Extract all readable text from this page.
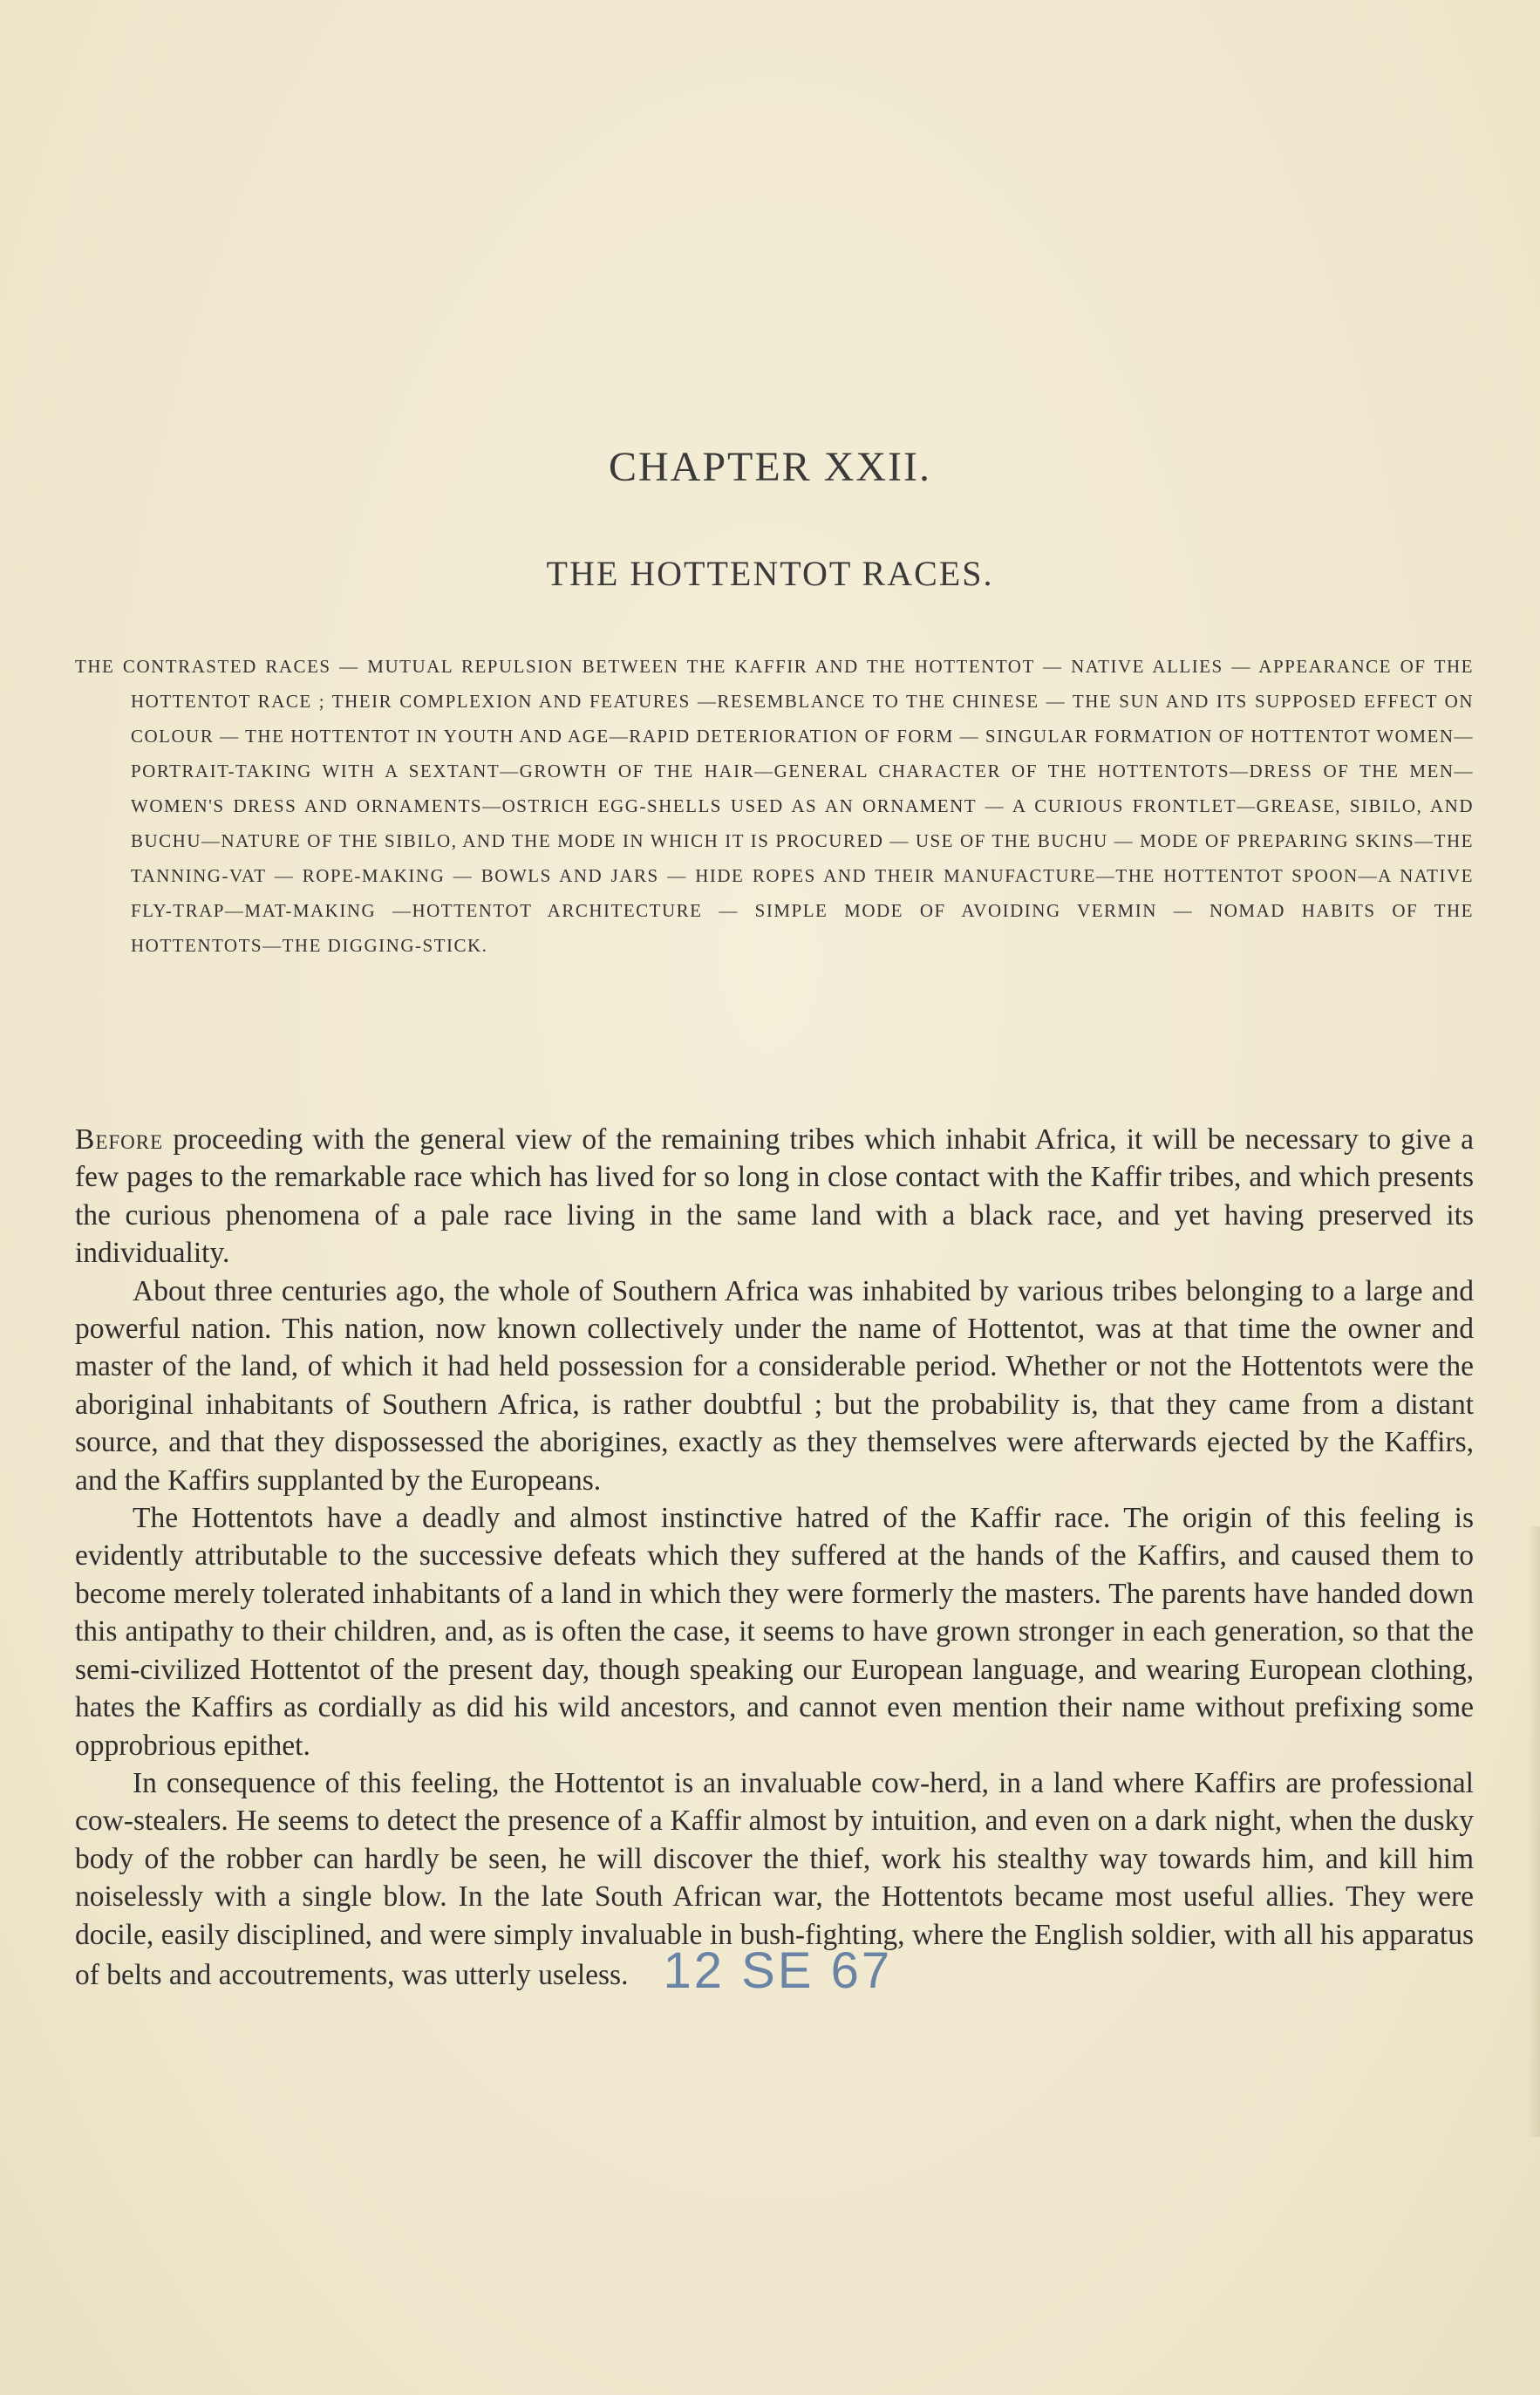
CHAPTER XXII.
THE HOTTENTOT RACES.
THE CONTRASTED RACES — MUTUAL REPULSION BETWEEN THE KAFFIR AND THE HOTTENTOT — NATIVE ALLIES — APPEARANCE OF THE HOTTENTOT RACE ; THEIR COMPLEXION AND FEATURES —RESEMBLANCE TO THE CHINESE — THE SUN AND ITS SUPPOSED EFFECT ON COLOUR — THE HOTTENTOT IN YOUTH AND AGE—RAPID DETERIORATION OF FORM — SINGULAR FORMATION OF HOTTENTOT WOMEN—PORTRAIT-TAKING WITH A SEXTANT—GROWTH OF THE HAIR—GENERAL CHARACTER OF THE HOTTENTOTS—DRESS OF THE MEN—WOMEN'S DRESS AND ORNAMENTS—OSTRICH EGG-SHELLS USED AS AN ORNAMENT — A CURIOUS FRONTLET—GREASE, SIBILO, AND BUCHU—NATURE OF THE SIBILO, AND THE MODE IN WHICH IT IS PROCURED — USE OF THE BUCHU — MODE OF PREPARING SKINS—THE TANNING-VAT — ROPE-MAKING — BOWLS AND JARS — HIDE ROPES AND THEIR MANUFACTURE—THE HOTTENTOT SPOON—A NATIVE FLY-TRAP—MAT-MAKING —HOTTENTOT ARCHITECTURE — SIMPLE MODE OF AVOIDING VERMIN — NOMAD HABITS OF THE HOTTENTOTS—THE DIGGING-STICK.

Before proceeding with the general view of the remaining tribes which inhabit Africa, it will be necessary to give a few pages to the remarkable race which has lived for so long in close contact with the Kaffir tribes, and which presents the curious phenomena of a pale race living in the same land with a black race, and yet having preserved its individuality.

About three centuries ago, the whole of Southern Africa was inhabited by various tribes belonging to a large and powerful nation. This nation, now known collectively under the name of Hottentot, was at that time the owner and master of the land, of which it had held possession for a considerable period. Whether or not the Hottentots were the aboriginal inhabitants of Southern Africa, is rather doubtful ; but the probability is, that they came from a distant source, and that they dispossessed the aborigines, exactly as they themselves were afterwards ejected by the Kaffirs, and the Kaffirs supplanted by the Europeans.

The Hottentots have a deadly and almost instinctive hatred of the Kaffir race. The origin of this feeling is evidently attributable to the successive defeats which they suffered at the hands of the Kaffirs, and caused them to become merely tolerated inhabitants of a land in which they were formerly the masters. The parents have handed down this antipathy to their children, and, as is often the case, it seems to have grown stronger in each generation, so that the semi-civilized Hottentot of the present day, though speaking our European language, and wearing European clothing, hates the Kaffirs as cordially as did his wild ancestors, and cannot even mention their name without prefixing some opprobrious epithet.

In consequence of this feeling, the Hottentot is an invaluable cow-herd, in a land where Kaffirs are professional cow-stealers. He seems to detect the presence of a Kaffir almost by intuition, and even on a dark night, when the dusky body of the robber can hardly be seen, he will discover the thief, work his stealthy way towards him, and kill him noiselessly with a single blow. In the late South African war, the Hottentots became most useful allies. They were docile, easily disciplined, and were simply invaluable in bush-fighting, where the English soldier, with all his apparatus of belts and accoutrements, was utterly useless. 12 SE 67
